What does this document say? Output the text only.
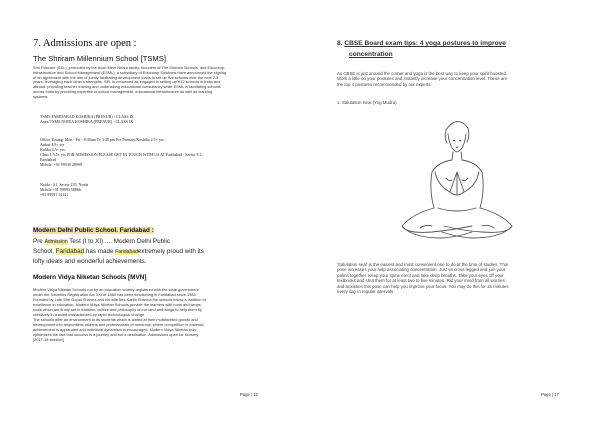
7. Admissions are open :
The Shriram Millennium School [TSMS]
Shri Educare (SEL), promoted by the Avon Meet Nehru family, founders of The Shriram Schools, and Educomp-
Infrastructure and School Management (ESML), a subsidiary of Educomp Solutions have announced the signing
of an agreement with the aim of jointly facilitating development loads to set up five schools over the next 2-3
years, leveraging each other's strengths. SEL is renowned as engaged in setting up K12 schools in India and
abroad, providing teacher training and undertaking educational consultancy while ESML is facilitating schools
across India by providing expertise in school management, educational infrastructure as well as learning
systems.
TSMS FARIDABAD KOSHIKA (PRENUR) - CLASS IX
Anex/TSMS NOIDA KOSHIKA (PRENUR) - CLASS IX
Office Timing: Mon - Fri - 8:30am To 3:30 pm Pre Primary/Koshika 2.5+ yrs
Ankur 3.5+ yrs
Kalika 4.5+ yrs
Class 1 5.5+ yrs FOR ADMISSION PLEASE GET IN TOUCH WITH US AT Faridabad - Sector 8 L
Faridabad
Mobile: +91 99530 28999
Noida - S1, Sector 135, Noida
Mobile +91 99993 58866,
+91 99991 14141
Modern Delhi Public School. Faridabad :
Pre Admission Test (I to XI) .... Modern Delhi Public
School, Faridabad has made Faridabadextremely proud with its
lofty ideals and wonderful achievements.
Modern Vidya Niketan Schools [MVN]
Modern Vidya Niketan Schools run by an education society registered with the state government
under the Societies Registration Act XXI of 1860 has been functioning in Faridabad since 1983.
Founded by Late Shri Gopal Sharma and his wife Mrs Kanta Sharma the schools follow a tradition of
excellence in education. Modern Vidya Niketan Schools provide the learners with roots and wings;
roots which are firmly set in tradition, culture and philosophy of our land and wings to help them fly
creatively in a world characterized by rapid technological change.
The schools offer an environment to its students which is aimed at their multifaceted growth and
development into responsible citizens and professionals of tomorrow, where competition is fostered,
achievement is applauded and individual dynamism is encouraged. Modern Vidya Niketan truly
epitomizes the fact that success is a journey and not a destination. Admissions open for Nursery
[2017-18 session]
Page | 16
8. CBSE Board exam tips: 4 yoga postures to improve
concentration
As CBSE is just around the corner and yoga is the best way to keep your spirit boosted.
Work a little on your postures and instantly increase your concentration level. These are
the top 4 postures recommended by our experts.
1. Salutation Seal (Yog Mudra)
'Salutation seal' is the easiest and most convenient one to do at the time of studies. This
pose increases your help associating concentration. Just sit cross legged and join your
palms together. Keep your spine erect and take deep breaths. Take your eyes off your
textbooks and shut them for at least two to five minutes. Rid your mind from all worries
and anxieties this pose can help you improve your focus. You may do this for 15 minutes
every day in regular intervals.
Page | 17
